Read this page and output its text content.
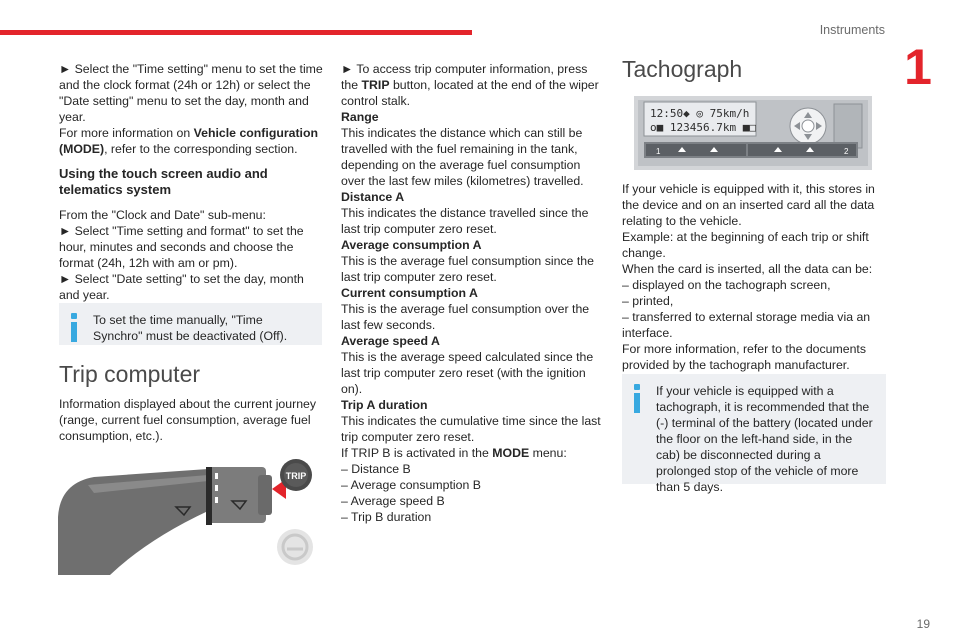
Instruments
1

► Select the "Time setting" menu to set the time and the clock format (24h or 12h) or select the "Date setting" menu to set the day, month and year.

For more information on Vehicle configuration (MODE), refer to the corresponding section.

Using the touch screen audio and telematics system

From the "Clock and Date" sub-menu:

► Select "Time setting and format" to set the hour, minutes and seconds and choose the format (24h, 12h with am or pm).

► Select "Date setting" to set the day, month and year.

To set the time manually, "Time Synchro" must be deactivated (Off).

Trip computer

Information displayed about the current journey (range, current fuel consumption, average fuel consumption, etc.).

TRIP

► To access trip computer information, press the TRIP button, located at the end of the wiper control stalk.

Range

This indicates the distance which can still be travelled with the fuel remaining in the tank, depending on the average fuel consumption over the last few miles (kilometres) travelled.

Distance A

This indicates the distance travelled since the last trip computer zero reset.

Average consumption A

This is the average fuel consumption since the last trip computer zero reset.

Current consumption A

This is the average fuel consumption over the last few seconds.

Average speed A

This is the average speed calculated since the last trip computer zero reset (with the ignition on).

Trip A duration

This indicates the cumulative time since the last trip computer zero reset.

If TRIP B is activated in the MODE menu:

– Distance B

– Average consumption B

– Average speed B

– Trip B duration

Tachograph

12:50◆ ◎ 75km/h
o■ 123456.7km ■□
1	2

If your vehicle is equipped with it, this stores in the device and on an inserted card all the data relating to the vehicle.

Example: at the beginning of each trip or shift change.

When the card is inserted, all the data can be:

– displayed on the tachograph screen,

– printed,

– transferred to external storage media via an interface.

For more information, refer to the documents provided by the tachograph manufacturer.

If your vehicle is equipped with a tachograph, it is recommended that the (-) terminal of the battery (located under the floor on the left-hand side, in the cab) be disconnected during a prolonged stop of the vehicle of more than 5 days.
19
